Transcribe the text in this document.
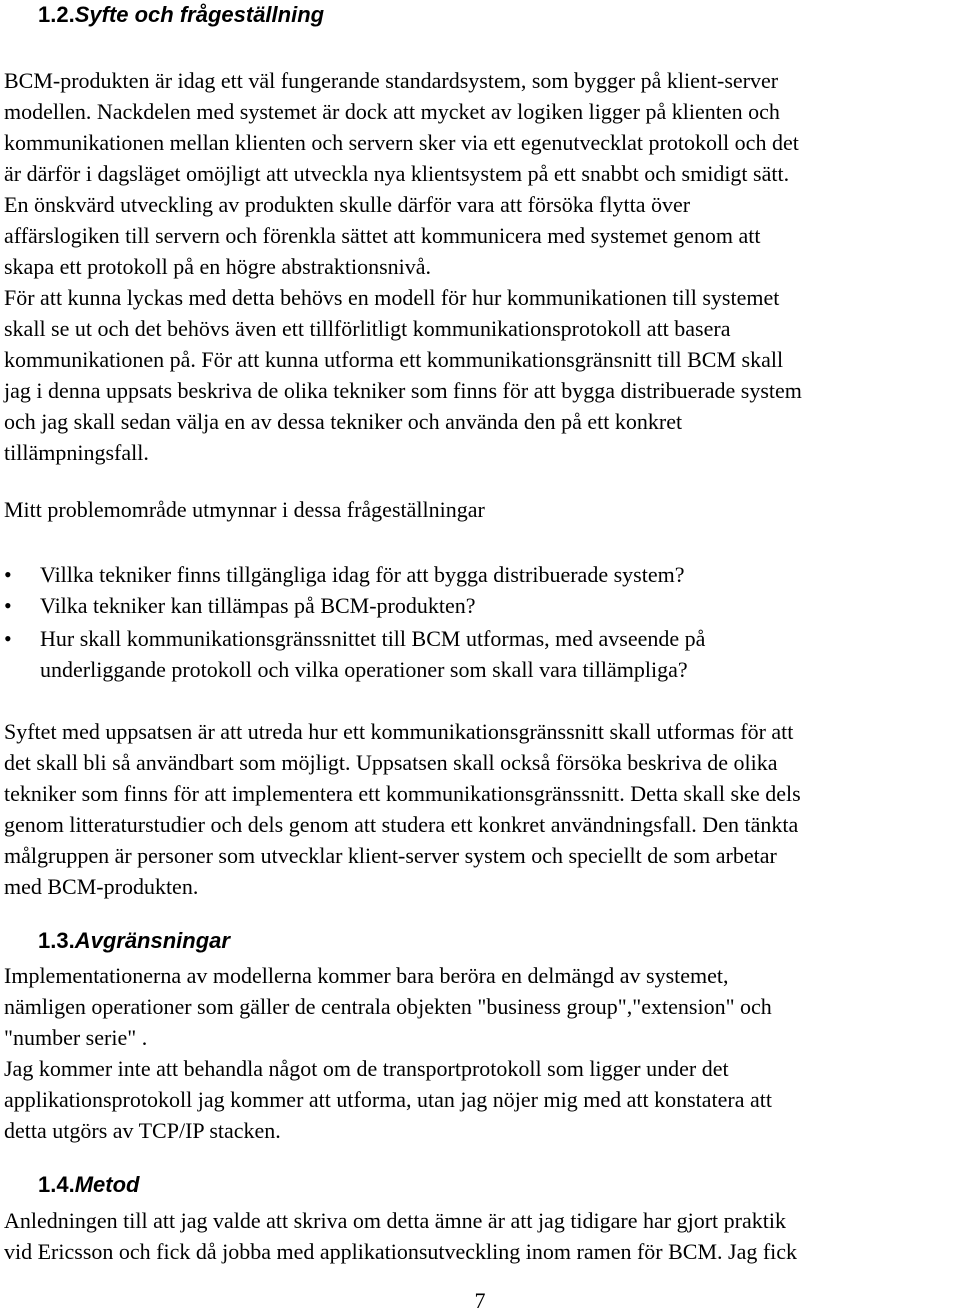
1.2.Syfte och frågeställning
BCM-produkten är idag ett väl fungerande standardsystem, som bygger på klient-server
modellen. Nackdelen med systemet är dock att mycket av logiken ligger på klienten och
kommunikationen mellan klienten och servern sker via ett egenutvecklat protokoll och det
är därför i dagsläget omöjligt att utveckla nya klientsystem på ett snabbt och smidigt sätt.
En önskvärd utveckling av produkten skulle därför vara att försöka flytta över
affärslogiken till servern och förenkla sättet att kommunicera med systemet genom att
skapa ett protokoll på en högre abstraktionsnivå.
För att kunna lyckas med detta behövs en modell för hur kommunikationen till systemet
skall se ut och det behövs även ett tillförlitligt kommunikationsprotokoll att basera
kommunikationen på. För att kunna utforma ett kommunikationsgränsnitt till BCM skall
jag i denna uppsats beskriva de olika tekniker som finns för att bygga distribuerade system
och jag skall sedan välja en av dessa tekniker och använda den på ett konkret
tillämpningsfall.
Mitt problemområde utmynnar i dessa frågeställningar
•	Villka tekniker finns tillgängliga idag för att bygga distribuerade system?
•	Vilka tekniker kan tillämpas på BCM-produkten?
•	Hur skall kommunikationsgränssnittet till BCM utformas, med avseende på
underliggande protokoll och vilka operationer som skall vara tillämpliga?
Syftet med uppsatsen är att utreda hur ett kommunikationsgränssnitt skall utformas för att
det skall bli så användbart som möjligt. Uppsatsen skall också försöka beskriva de olika
tekniker som finns för att implementera ett kommunikationsgränssnitt. Detta skall ske dels
genom litteraturstudier och dels genom att studera ett konkret användningsfall. Den tänkta
målgruppen är personer som utvecklar klient-server system och speciellt de som arbetar
med BCM-produkten.
1.3.Avgränsningar
Implementationerna av modellerna kommer bara beröra en delmängd av systemet,
nämligen operationer som gäller de centrala objekten "business group","extension" och
"number serie" .
Jag kommer inte att behandla något om de transportprotokoll som ligger under det
applikationsprotokoll jag kommer att utforma, utan jag nöjer mig med att konstatera att
detta utgörs av TCP/IP stacken.
1.4.Metod
Anledningen till att jag valde att skriva om detta ämne är att jag tidigare har gjort praktik
vid Ericsson och fick då jobba med applikationsutveckling inom ramen för BCM. Jag fick
7
